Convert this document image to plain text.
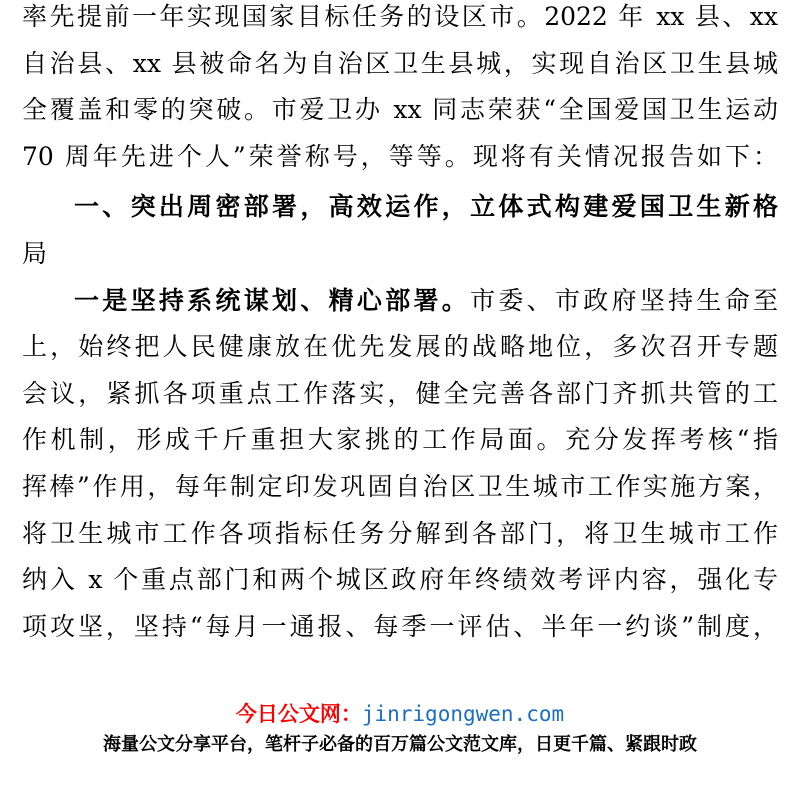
率先提前一年实现国家目标任务的设区市。2022 年 xx 县、xx
自治县、xx 县被命名为自治区卫生县城，实现自治区卫生县城
全覆盖和零的突破。市爱卫办 xx 同志荣获“全国爱国卫生运动
70 周年先进个人”荣誉称号，等等。现将有关情况报告如下：
一、突出周密部署，高效运作，立体式构建爱国卫生新格
局
一是坚持系统谋划、精心部署。市委、市政府坚持生命至
上，始终把人民健康放在优先发展的战略地位，多次召开专题
会议，紧抓各项重点工作落实，健全完善各部门齐抓共管的工
作机制，形成千斤重担大家挑的工作局面。充分发挥考核“指
挥棒”作用，每年制定印发巩固自治区卫生城市工作实施方案，
将卫生城市工作各项指标任务分解到各部门，将卫生城市工作
纳入 x 个重点部门和两个城区政府年终绩效考评内容，强化专
项攻坚，坚持“每月一通报、每季一评估、半年一约谈”制度，
今日公文网：jinrigongwen.com
海量公文分享平台，笔杆子必备的百万篇公文范文库，日更千篇、紧跟时政
